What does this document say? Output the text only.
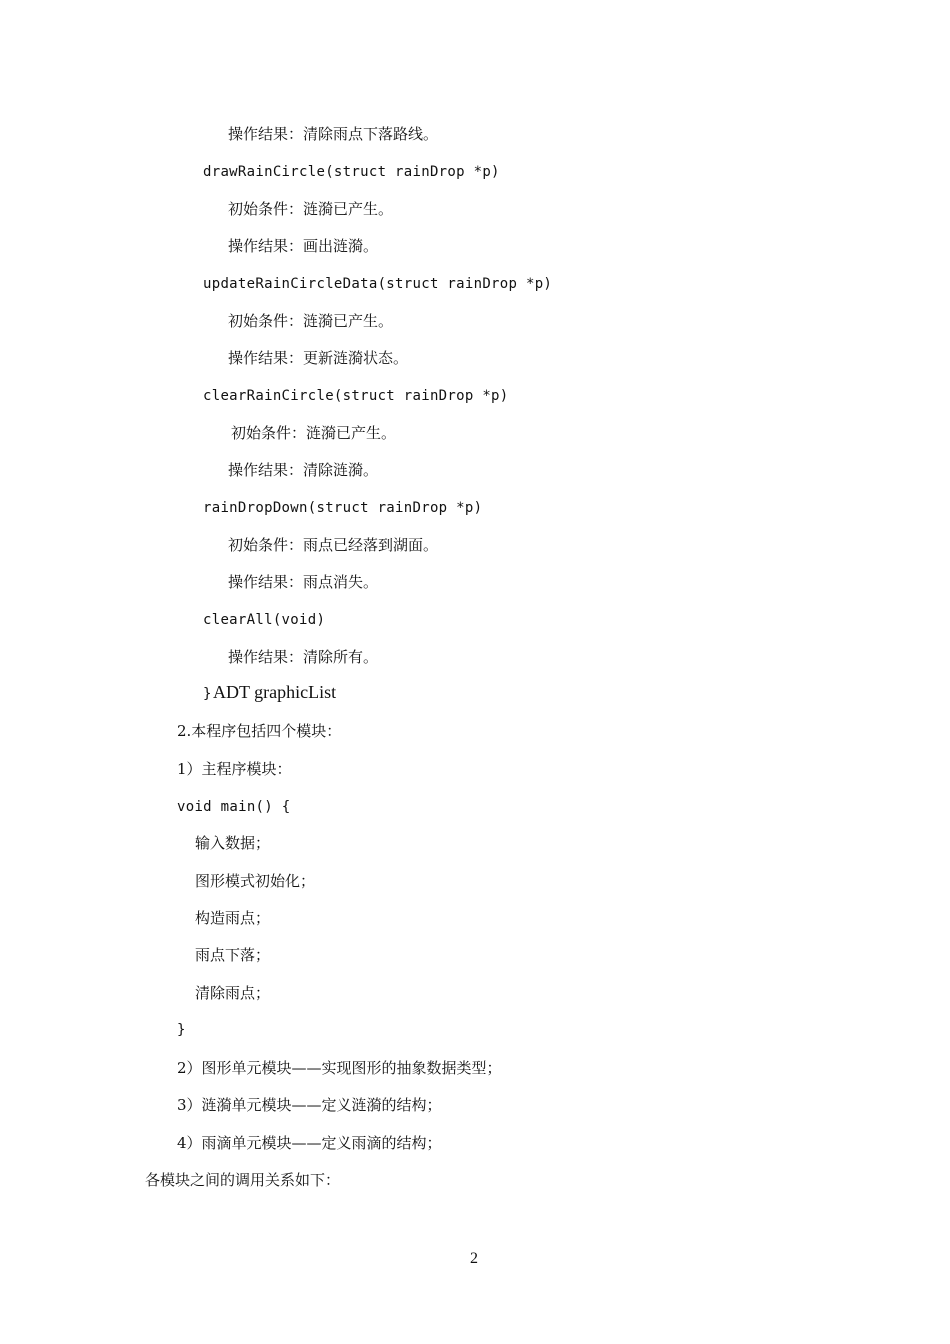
操作结果：清除雨点下落路线。
drawRainCircle(struct rainDrop *p)
初始条件：涟漪已产生。
操作结果：画出涟漪。
updateRainCircleData(struct rainDrop *p)
初始条件：涟漪已产生。
操作结果：更新涟漪状态。
clearRainCircle(struct rainDrop *p)
初始条件：涟漪已产生。
操作结果：清除涟漪。
rainDropDown(struct rainDrop *p)
初始条件：雨点已经落到湖面。
操作结果：雨点消失。
clearAll(void)
操作结果：清除所有。
} ADT graphicList
2.本程序包括四个模块：
1）主程序模块：
void main() {
输入数据；
图形模式初始化；
构造雨点；
雨点下落；
清除雨点；
}
2）图形单元模块——实现图形的抽象数据类型；
3）涟漪单元模块——定义涟漪的结构；
4）雨滴单元模块——定义雨滴的结构；
各模块之间的调用关系如下：
2
